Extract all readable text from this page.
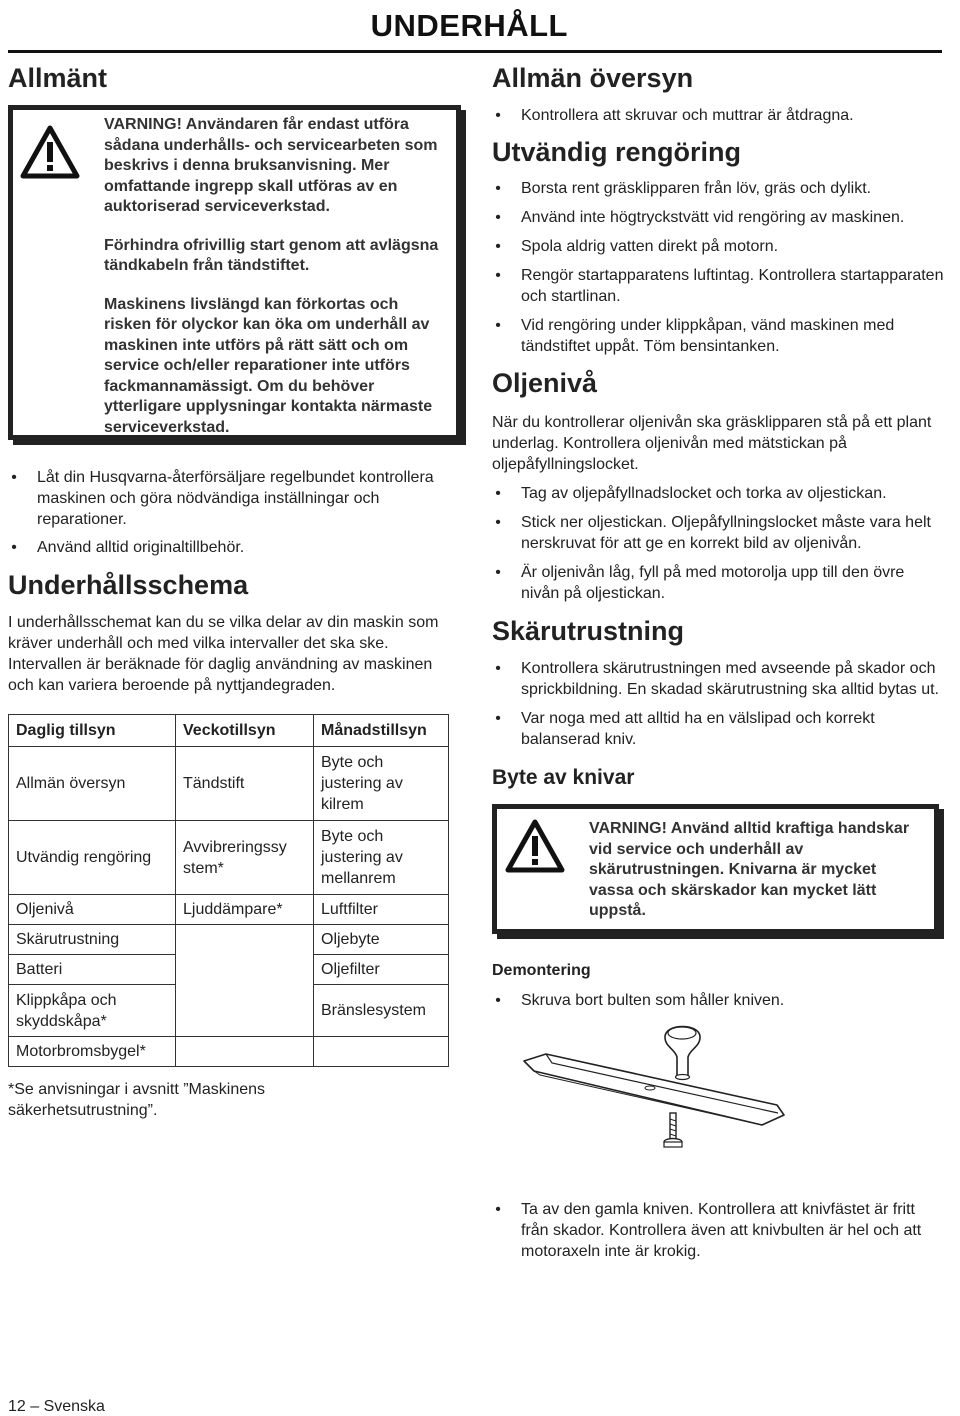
UNDERHÅLL
Allmänt

VARNING! Användaren får endast utföra sådana underhålls- och servicearbeten som beskrivs i denna bruksanvisning. Mer omfattande ingrepp skall utföras av en auktoriserad serviceverkstad.

Förhindra ofrivillig start genom att avlägsna tändkabeln från tändstiftet.

Maskinens livslängd kan förkortas och risken för olyckor kan öka om underhåll av maskinen inte utförs på rätt sätt och om service och/eller reparationer inte utförs fackmannamässigt. Om du behöver ytterligare upplysningar kontakta närmaste serviceverkstad.

• Låt din Husqvarna-återförsäljare regelbundet kontrollera maskinen och göra nödvändiga inställningar och reparationer.
• Använd alltid originaltillbehör.
Underhållsschema

I underhållsschemat kan du se vilka delar av din maskin som kräver underhåll och med vilka intervaller det ska ske. Intervallen är beräknade för daglig användning av maskinen och kan variera beroende på nyttjandegraden.

Daglig tillsyn	Veckotillsyn	Månadstillsyn
Allmän översyn	Tändstift	Byte och justering av kilrem
Utvändig rengöring	Avvibreringssy stem*	Byte och justering av mellanrem
Oljenivå	Ljuddämpare*	Luftfilter
Skärutrustning		Oljebyte
Batteri		Oljefilter
Klippkåpa och skyddskåpa*		Bränslesystem
Motorbromsbygel*		

*Se anvisningar i avsnitt ”Maskinens säkerhetsutrustning”.

Allmän översyn
• Kontrollera att skruvar och muttrar är åtdragna.
Utvändig rengöring
• Borsta rent gräsklipparen från löv, gräs och dylikt.
• Använd inte högtryckstvätt vid rengöring av maskinen.
• Spola aldrig vatten direkt på motorn.
• Rengör startapparatens luftintag. Kontrollera startapparaten och startlinan.
• Vid rengöring under klippkåpan, vänd maskinen med tändstiftet uppåt. Töm bensintanken.
Oljenivå

När du kontrollerar oljenivån ska gräsklipparen stå på ett plant underlag. Kontrollera oljenivån med mätstickan på oljepåfyllningslocket.

• Tag av oljepåfyllnadslocket och torka av oljestickan.
• Stick ner oljestickan. Oljepåfyllningslocket måste vara helt nerskruvat för att ge en korrekt bild av oljenivån.
• Är oljenivån låg, fyll på med motorolja upp till den övre nivån på oljestickan.
Skärutrustning
• Kontrollera skärutrustningen med avseende på skador och sprickbildning. En skadad skärutrustning ska alltid bytas ut.
• Var noga med att alltid ha en välslipad och korrekt balanserad kniv.
Byte av knivar

VARNING! Använd alltid kraftiga handskar vid service och underhåll av skärutrustningen. Knivarna är mycket vassa och skärskador kan mycket lätt uppstå.

Demontering
• Skruva bort bulten som håller kniven.
• Ta av den gamla kniven. Kontrollera att knivfästet är fritt från skador. Kontrollera även att knivbulten är hel och att motoraxeln inte är krokig.
12 – Svenska
